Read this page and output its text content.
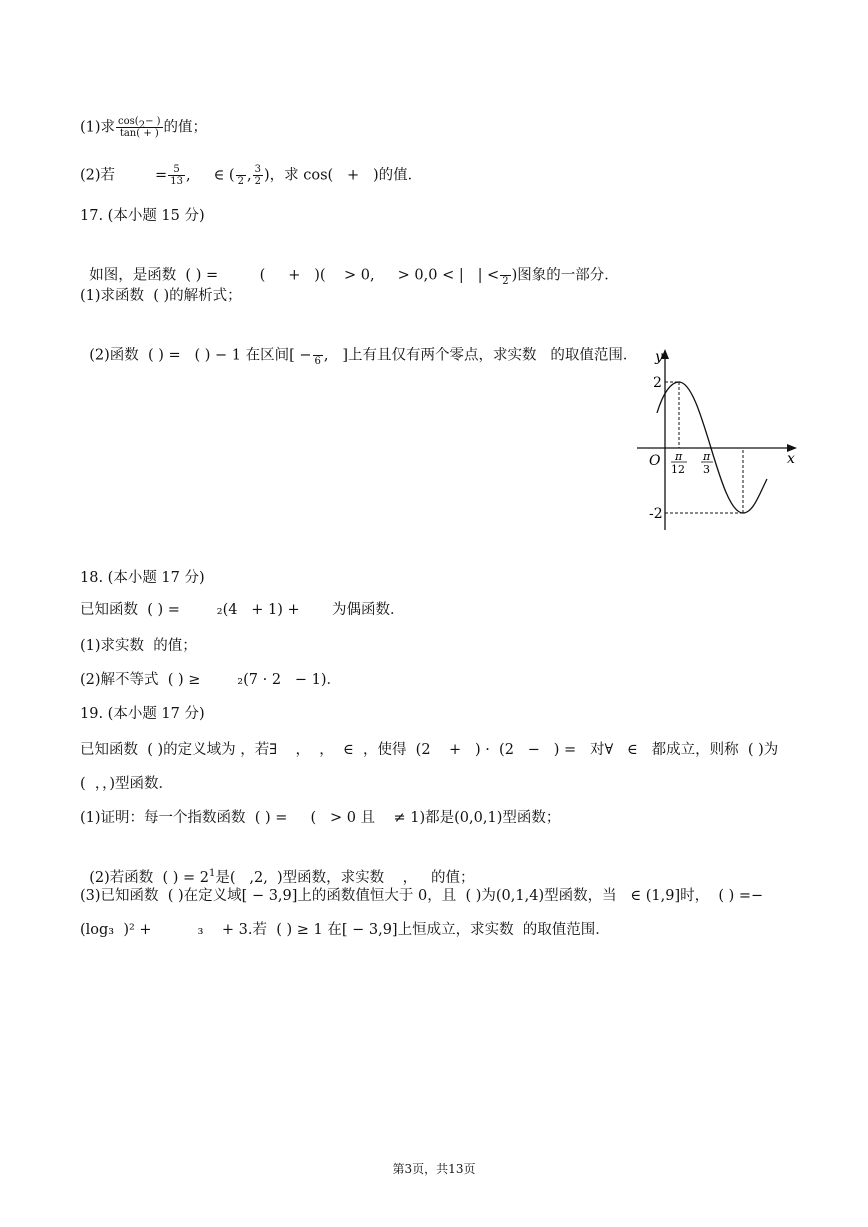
(1)求 $\frac{\cos(2- )}{\tan( + )}$ 的值；
(2)若	= $\frac{5}{13}$ ,     ∈ (
2 , $\frac{3}{2}$ )，求 cos(   +   )的值．
17. (本小题 15 分)

如图，是函数  ( ) =         (     +   )(    > 0,     > 0,0 < |   | <
2 )图象的一部分．

(1)求函数  ( )的解析式；

(2)函数  ( ) =   ( ) − 1 在区间[ −
6 ,   ]上有且仅有两个零点，求实数   的取值范围． y
x
O
2
-2
π
12
π
3
18. (本小题 17 分)
已知函数  ( ) =        ₂(4   + 1) +       为偶函数．
(1)求实数  的值；
(2)解不等式  ( ) ≥        ₂(7 · 2   − 1)．
19. (本小题 17 分)
已知函数  ( )的定义域为 ，若∃    ，  ，  ∈  ，使得  (2    +   ) ·  (2   −   ) =   对∀   ∈   都成立，则称  ( )为
(  ，，)型函数．
(1)证明：每一个指数函数  ( ) =     (   > 0 且    ≠ 1)都是(0,0,1)型函数；

(2)若函数  ( ) = $2^1$是(   ,2,  )型函数，求实数    ，   的值；

(3)已知函数  ( )在定义域[ − 3,9]上的函数值恒大于 0，且  ( )为(0,1,4)型函数，当   ∈ (1,9]时，  ( ) =−
(log₃  )² +          ₃    + 3.若  ( ) ≥ 1 在[ − 3,9]上恒成立，求实数  的取值范围．
第3页，共13页
